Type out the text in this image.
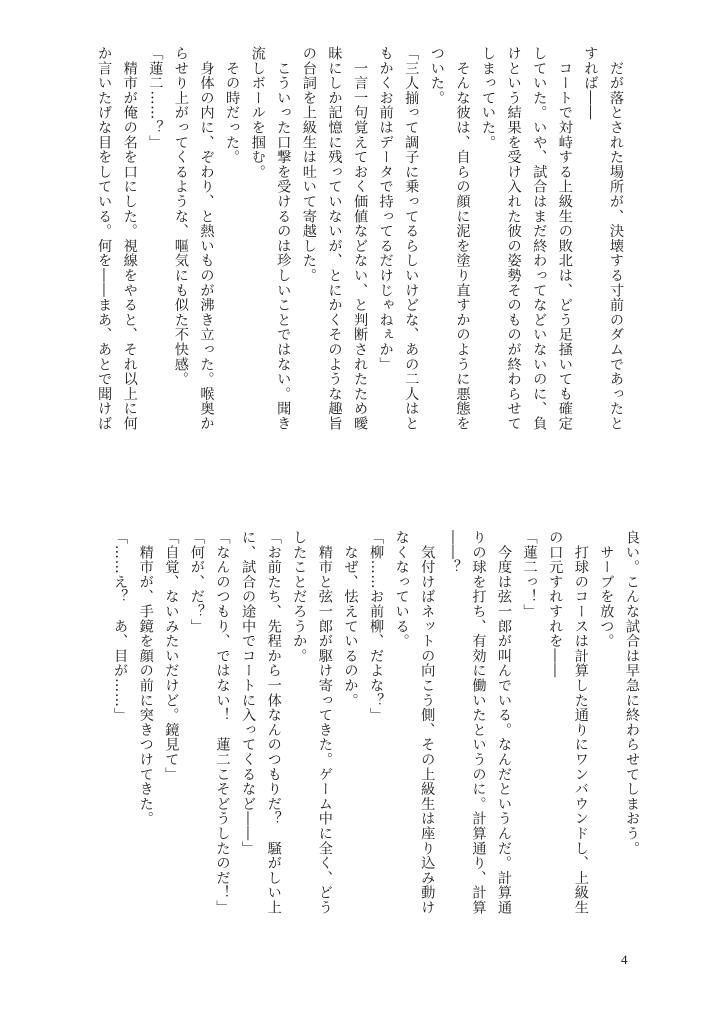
　だが落とされた場所が、決壊する寸前のダムであったと
すれば――
　コートで対峙する上級生の敗北は、どう足掻いても確定
していた。いや、試合はまだ終わってなどいないのに、負
けという結果を受け入れた彼の姿勢そのものが終わらせて
しまっていた。
　そんな彼は、自らの顔に泥を塗り直すかのように悪態を
ついた。
「三人揃って調子に乗ってるらしいけどな、あの二人はと
もかくお前はデータで持ってるだけじゃねぇか」
　一言一句覚えておく価値などない、と判断されたため曖
昧にしか記憶に残っていないが、とにかくそのような趣旨
の台詞を上級生は吐いて寄越した。
　こういった口撃を受けるのは珍しいことではない。聞き
流しボールを掴む。
　その時だった。
　身体の内に、ぞわり、と熱いものが沸き立った。喉奥か
らせり上がってくるような、嘔気にも似た不快感。
「蓮二……？」
　精市が俺の名を口にした。視線をやると、それ以上に何
か言いたげな目をしている。何を――まあ、あとで聞けば
良い。こんな試合は早急に終わらせてしまおう。
　サーブを放つ。
　打球のコースは計算した通りにワンバウンドし、上級生
の口元すれすれを――
「蓮二っ！」
　今度は弦一郎が叫んでいる。なんだというんだ。計算通
りの球を打ち、有効に働いたというのに。計算通り、計算
――？
　気付けばネットの向こう側、その上級生は座り込み動け
なくなっている。
「柳……お前柳、だよな？」
　なぜ、怯えているのか。
　精市と弦一郎が駆け寄ってきた。ゲーム中に全く、どう
したことだろうか。
「お前たち、先程から一体なんのつもりだ？　騒がしい上
に、試合の途中でコートに入ってくるなど――」
「なんのつもり、ではない！　蓮二こそどうしたのだ！」
「何が、だ？」
「自覚、ないみたいだけど。鏡見て」
　精市が、手鏡を顔の前に突きつけてきた。
「……え？　あ、目が……」
4
